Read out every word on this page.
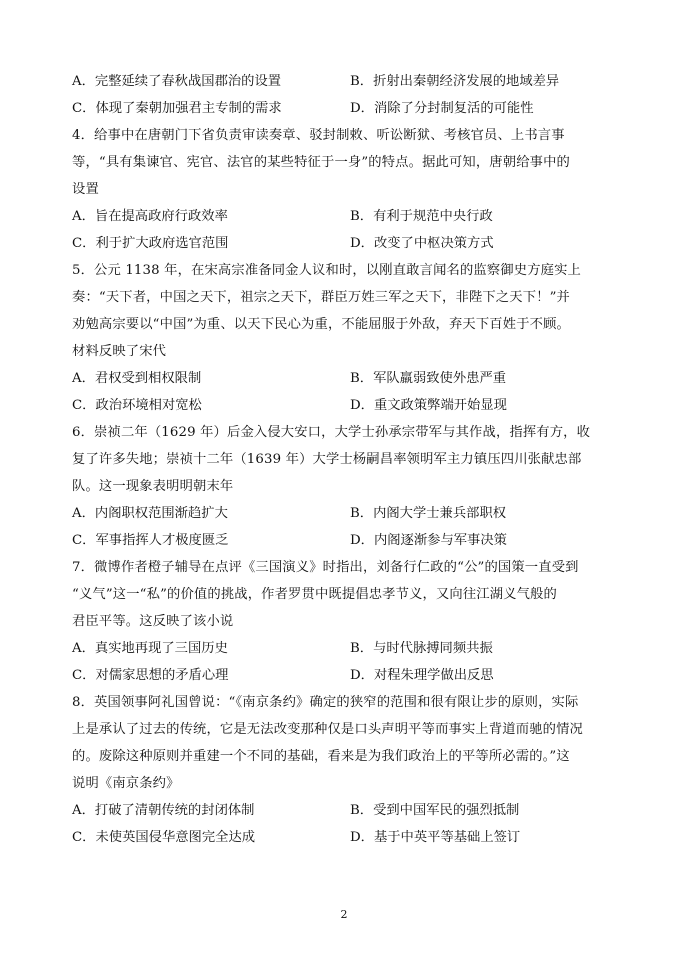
A．完整延续了春秋战国郡治的设置	B．折射出秦朝经济发展的地域差异
C．体现了秦朝加强君主专制的需求	D．消除了分封制复活的可能性
4．给事中在唐朝门下省负责审读奏章、驳封制敕、听讼断狱、考核官员、上书言事
等，“具有集谏官、宪官、法官的某些特征于一身”的特点。据此可知，唐朝给事中的
设置
A．旨在提高政府行政效率	B．有利于规范中央行政
C．利于扩大政府选官范围	D．改变了中枢决策方式
5．公元 1138 年，在宋高宗准备同金人议和时，以刚直敢言闻名的监察御史方庭实上
奏：“天下者，中国之天下，祖宗之天下，群臣万姓三军之天下，非陛下之天下！”并
劝勉高宗要以“中国”为重、以天下民心为重，不能屈服于外敌，弃天下百姓于不顾。
材料反映了宋代
A．君权受到相权限制	B．军队羸弱致使外患严重
C．政治环境相对宽松	D．重文政策弊端开始显现
6．崇祯二年（1629 年）后金入侵大安口，大学士孙承宗带军与其作战，指挥有方，收
复了许多失地；崇祯十二年（1639 年）大学士杨嗣昌率领明军主力镇压四川张献忠部
队。这一现象表明明朝末年
A．内阁职权范围渐趋扩大	B．内阁大学士兼兵部职权
C．军事指挥人才极度匮乏	D．内阁逐渐参与军事决策
7．微博作者橙子辅导在点评《三国演义》时指出，刘备行仁政的“公”的国策一直受到
“义气”这一“私”的价值的挑战，作者罗贯中既提倡忠孝节义，又向往江湖义气般的
君臣平等。这反映了该小说
A．真实地再现了三国历史	B．与时代脉搏同频共振
C．对儒家思想的矛盾心理	D．对程朱理学做出反思
8．英国领事阿礼国曾说：“《南京条约》确定的狭窄的范围和很有限让步的原则，实际
上是承认了过去的传统，它是无法改变那种仅是口头声明平等而事实上背道而驰的情况
的。废除这种原则并重建一个不同的基础，看来是为我们政治上的平等所必需的。”这
说明《南京条约》
A．打破了清朝传统的封闭体制	B．受到中国军民的强烈抵制
C．未使英国侵华意图完全达成	D．基于中英平等基础上签订
2
